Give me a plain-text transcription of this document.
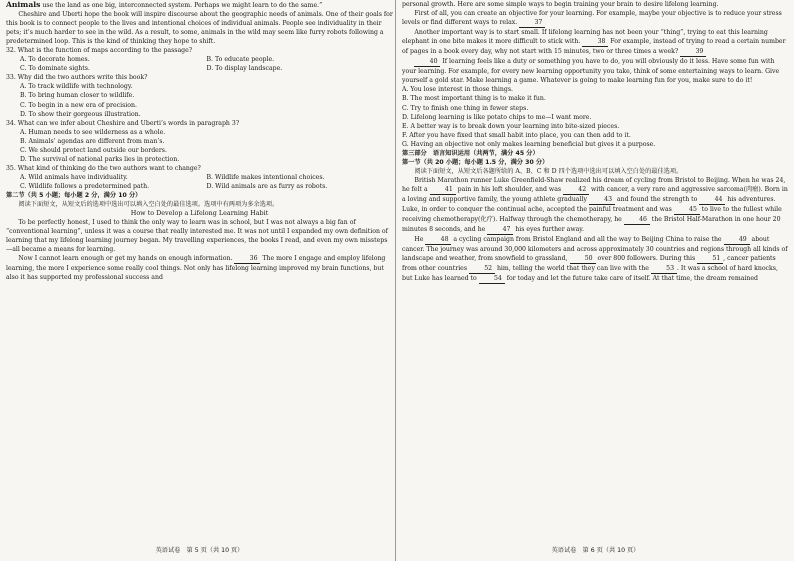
Animals use the land as one big, interconnected system. Perhaps we might learn to do the same.”

Cheshire and Uberti hope the book will inspire discourse about the geographic needs of animals. One of their goals for this book is to connect people to the lives and intentional choices of individual animals. People see individuality in their pets; it’s much harder to see in the wild. As a result, to some, animals in the wild may seem like furry robots following a predetermined loop. This is the kind of thinking they hope to shift.

32. What is the function of maps according to the passage?

A. To decorate homes.	B. To educate people.
C. To dominate sights.	D. To display landscape.

33. Why did the two authors write this book?

A. To track wildlife with technology.
B. To bring human closer to wildlife.
C. To begin in a new era of precision.
D. To show their gorgeous illustration.

34. What can we infer about Cheshire and Uberti’s words in paragraph 3?

A. Human needs to see wilderness as a whole.
B. Animals’ agendas are different from man’s.
C. We should protect land outside our borders.
D. The survival of national parks lies in protection.

35. What kind of thinking do the two authors want to change?

A. Wild animals have individuality.	B. Wildlife makes intentional choices.
C. Wildlife follows a predetermined path.	D. Wild animals are as furry as robots.

第二节（共 5 小题；每小题 2 分，满分 10 分）

阅读下面短文，从短文后的选项中选出可以填入空白处的最佳选项。选项中有两项为多余选项。

How to Develop a Lifelong Learning Habit

To be perfectly honest, I used to think the only way to learn was in school, but I was not always a big fan of “conventional learning”, unless it was a course that really interested me. It was not until I expanded my own definition of learning that my lifelong learning journey began. My travelling experiences, the books I read, and even my own missteps—all became a means for learning.

Now I cannot learn enough or get my hands on enough information. 36 The more I engage and employ lifelong learning, the more I experience some really cool things. Not only has lifelong learning improved my brain functions, but also it has supported my professional success and

英语试卷　第 5 页（共 10 页）

personal growth. Here are some simple ways to begin training your brain to desire lifelong learning.

First of all, you can create an objective for your learning. For example, maybe your objective is to reduce your stress levels or find different ways to relax. 37

Another important way is to start small. If lifelong learning has not been your “thing”, trying to eat this learning elephant in one bite makes it more difficult to stick with. 38 For example, instead of trying to read a certain number of pages in a book every day, why not start with 15 minutes, two or three times a week? 39

40 If learning feels like a duty or something you have to do, you will obviously do it less. Have some fun with your learning. For example, for every new learning opportunity you take, think of some entertaining ways to learn. Give yourself a gold star. Make learning a game. Whatever is going to make learning fun for you, make sure to do it!

A. You lose interest in those things.

B. The most important thing is to make it fun.

C. Try to finish one thing in fewer steps.

D. Lifelong learning is like potato chips to me—I want more.

E. A better way is to break down your learning into bite-sized pieces.

F. After you have fixed that small habit into place, you can then add to it.

G. Having an objective not only makes learning beneficial but gives it a purpose.

第三部分　语言知识运用（共两节，满分 45 分）

第一节（共 20 小题；每小题 1.5 分，满分 30 分）

阅读下面短文，从短文后各题所给的 A、B、C 和 D 四个选项中选出可以填入空白处的最佳选项。

British Marathon runner Luke Greenfield-Shaw realized his dream of cycling from Bristol to Beijing. When he was 24, he felt a 41 pain in his left shoulder, and was 42 with cancer, a very rare and aggressive sarcoma(肉瘤). Born in a loving and supportive family, the young athlete gradually 43 and found the strength to 44 his adventures. Luke, in order to conquer the continual ache, accepted the painful treatment and was 45 to live to the fullest while receiving chemotherapy(化疗). Halfway through the chemotherapy, he 46 the Bristol Half-Marathon in one hour 20 minutes 8 seconds, and he 47 his eyes further away.

He 48 a cycling campaign from Bristol England and all the way to Beijing China to raise the 49 about cancer. The journey was around 30,000 kilometers and across approximately 30 countries and regions through all kinds of landscape and weather, from snowfield to grassland, 50 over 800 followers. During this 51 , cancer patients from other countries 52 him, telling the world that they can live with the 53 . It was a school of hard knocks, but Luke has learned to 54 for today and let the future take care of itself. At that time, the dream remained

英语试卷　第 6 页（共 10 页）
